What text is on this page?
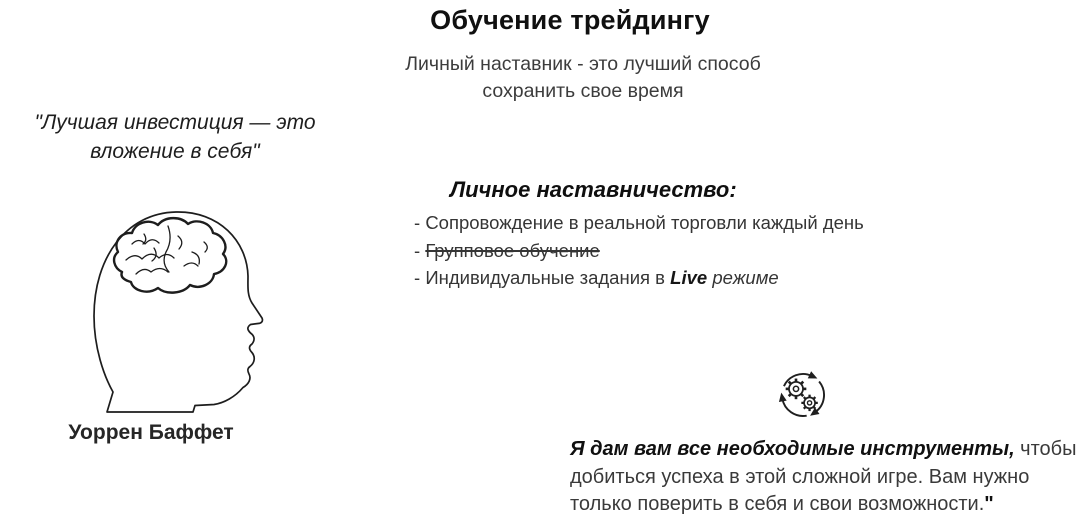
Обучение трейдингу
Личный наставник - это лучший способ
сохранить свое время
"Лучшая инвестиция — это
вложение в себя"
Уоррен Баффет
Личное наставничество:
- Сопровождение в реальной торговли каждый день
- Групповое обучение
- Индивидуальные задания в Live режиме
Я дам вам все необходимые инструменты, чтобы
добиться успеха в этой сложной игре. Вам нужно
только поверить в себя и свои возможности."
